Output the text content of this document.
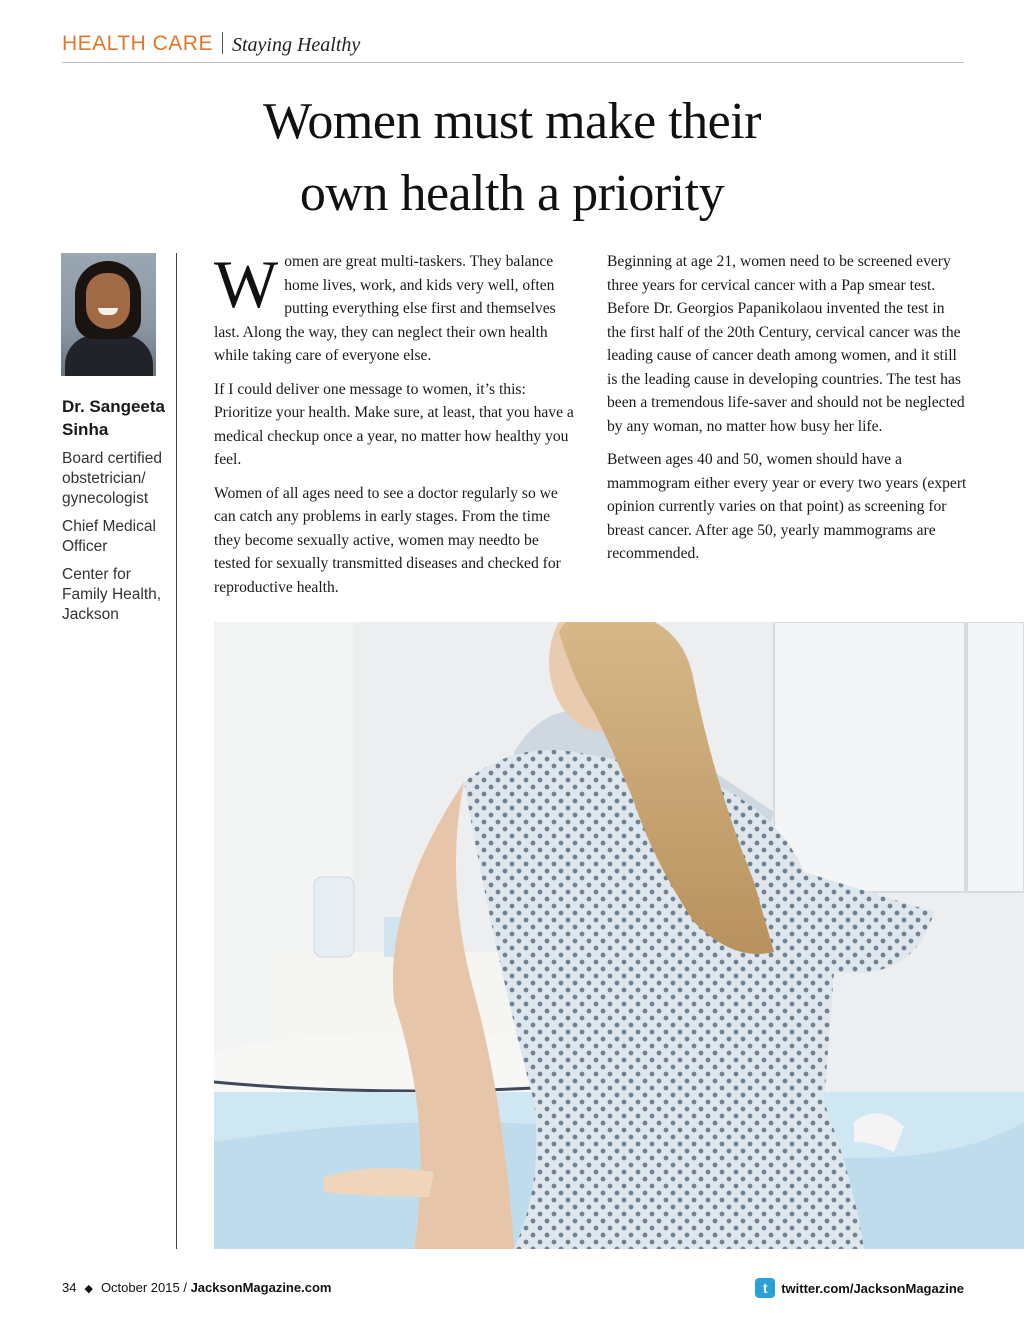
HEALTH CARE Staying Healthy
Women must make their
own health a priority
Dr. Sangeeta Sinha
Board certified obstetrician/ gynecologist
Chief Medical Officer
Center for Family Health, Jackson

Women are great multi-taskers. They balance home lives, work, and kids very well, often putting everything else first and themselves last. Along the way, they can neglect their own health while taking care of everyone else.

If I could deliver one message to women, it’s this: Prioritize your health. Make sure, at least, that you have a medical checkup once a year, no matter how healthy you feel.

Women of all ages need to see a doctor regularly so we can catch any problems in early stages. From the time they become sexually active, women may needto be tested for sexually transmitted diseases and checked for reproductive health.

Beginning at age 21, women need to be screened every three years for cervical cancer with a Pap smear test. Before Dr. Georgios Papanikolaou invented the test in the first half of the 20th Century, cervical cancer was the leading cause of cancer death among women, and it still is the leading cause in developing countries. The test has been a tremendous life-saver and should not be neglected by any woman, no matter how busy her life.

Between ages 40 and 50, women should have a mammogram either every year or every two years (expert opinion currently varies on that point) as screening for breast cancer. After age 50, yearly mammograms are recommended.

34 ◆ October 2015 / JacksonMagazine.com	t	twitter.com/JacksonMagazine
